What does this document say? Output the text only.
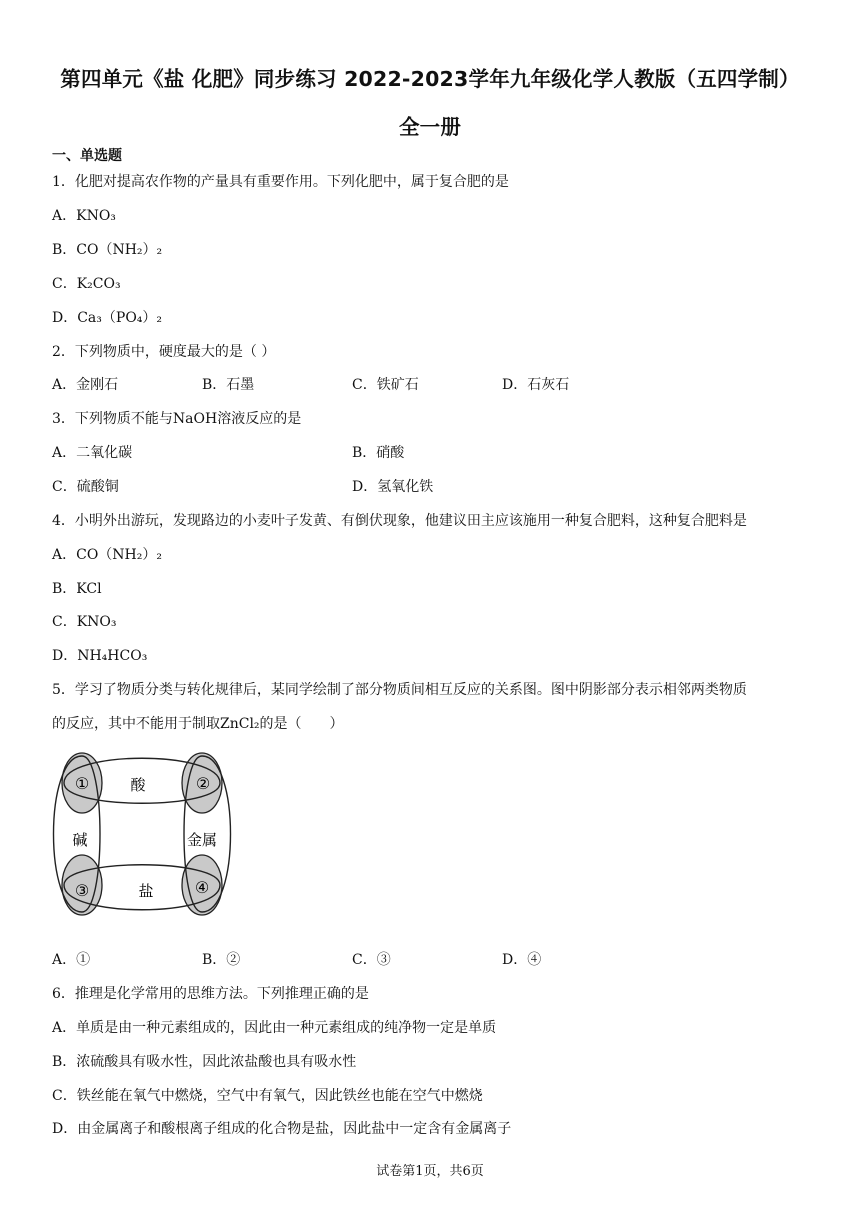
第四单元《盐 化肥》同步练习 2022-2023学年九年级化学人教版（五四学制）
全一册
一、单选题
1．化肥对提高农作物的产量具有重要作用。下列化肥中，属于复合肥的是
A．KNO₃
B．CO（NH₂）₂
C．K₂CO₃
D．Ca₃（PO₄）₂
2．下列物质中，硬度最大的是（ ）
A．金刚石	B．石墨	C．铁矿石	D．石灰石
3．下列物质不能与NaOH溶液反应的是
A．二氧化碳	B．硝酸
C．硫酸铜	D．氢氧化铁
4．小明外出游玩，发现路边的小麦叶子发黄、有倒伏现象，他建议田主应该施用一种复合肥料，这种复合肥料是
A．CO（NH₂）₂
B．KCl
C．KNO₃
D．NH₄HCO₃
5．学习了物质分类与转化规律后，某同学绘制了部分物质间相互反应的关系图。图中阴影部分表示相邻两类物质
的反应，其中不能用于制取ZnCl₂的是（　　）
酸
碱	金属
盐
①	②
③	④
A．①	B．②	C．③	D．④
6．推理是化学常用的思维方法。下列推理正确的是
A．单质是由一种元素组成的，因此由一种元素组成的纯净物一定是单质
B．浓硫酸具有吸水性，因此浓盐酸也具有吸水性
C．铁丝能在氧气中燃烧，空气中有氧气，因此铁丝也能在空气中燃烧
D．由金属离子和酸根离子组成的化合物是盐，因此盐中一定含有金属离子
试卷第1页，共6页
